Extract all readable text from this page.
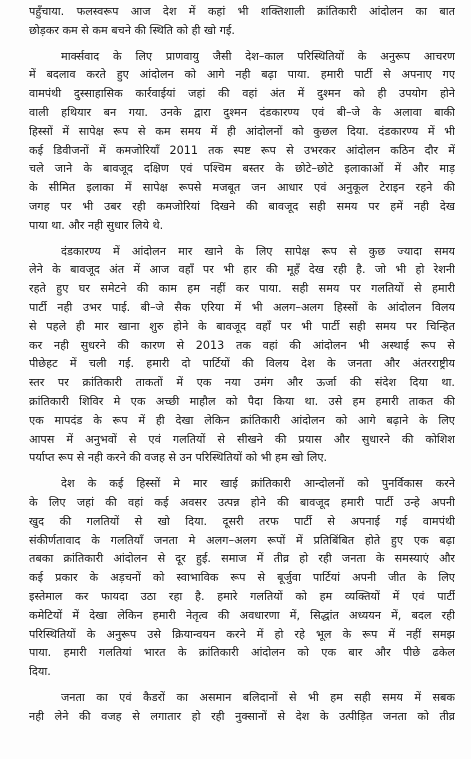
पहुँचाया. फलस्वरूप आज देश में कहां भी शक्तिशाली क्रांतिकारी आंदोलन का बात
छोड़कर कम से कम बचने की स्थिति को ही खो गई.
मार्क्सवाद के लिए प्राणवायु जैसी देश–काल परिस्थितियों के अनुरूप आचरण
में बदलाव करते हुए आंदोलन को आगे नही बढ़ा पाया. हमारी पार्टी से अपनाए गए
वामपंथी दुस्साहासिक कार्रवाईयां जहां की वहां अंत में दुश्मन को ही उपयोग होने
वाली हथियार बन गया. उनके द्वारा दुश्मन दंडकारण्य एवं बी–जे के अलावा बाकी
हिस्सों में सापेक्ष रूप से कम समय में ही आंदोलनों को कुछल दिया. दंडकारण्य में भी
कई डिवीजनों में कमजोरियाँ 2011 तक स्पष्ट रूप से उभरकर आंदोलन कठिन दौर में
चले जाने के बावजूद दक्षिण एवं पश्चिम बस्तर के छोटे–छोटे इलाकाओं में और माड़
के सीमित इलाका में सापेक्ष रूपसे मजबूत जन आधार एवं अनुकूल टेराइन रहने की
जगह पर भी उबर रही कमजोरियां दिखने की बावजूद सही समय पर हमें नही देख
पाया था. और नही सुधार लिये थे.
दंडकारण्य में आंदोलन मार खाने के लिए सापेक्ष रूप से कुछ ज्यादा समय
लेने के बावजूद अंत में आज वहाँ पर भी हार की मूहँ देख रही है. जो भी हो रेशनी
रहते हुए घर समेटने की काम हम नहीं कर पाया. सही समय पर गलतियों से हमारी
पार्टी नही उभर पाई. बी–जे सैक एरिया में भी अलग–अलग हिस्सों के आंदोलन विलय
से पहले ही मार खाना शुरु होने के बावजूद वहाँ पर भी पार्टी सही समय पर चिन्हित
कर नही सुधरने की कारण से 2013 तक वहां की आंदोलन भी अस्थाई रूप से
पीछेहट में चली गई. हमारी दो पार्टियों की विलय देश के जनता और अंतरराष्ट्रीय
स्तर पर क्रांतिकारी ताकतों में एक नया उमंग और ऊर्जा की संदेश दिया था.
क्रांतिकारी शिविर मे एक अच्छी माहौल को पैदा किया था. उसे हम हमारी ताकत की
एक मापदंड के रूप में ही देखा लेकिन क्रांतिकारी आंदोलन को आगे बढ़ाने के लिए
आपस में अनुभवों से एवं गलतियों से सीखने की प्रयास और सुधारने की कोशिश
पर्याप्त रूप से नही करने की वजह से उन परिस्थितियों को भी हम खो लिए.
देश के कई हिस्सों मे मार खाई क्रांतिकारी आन्दोलनों को पुनर्विकास करने
के लिए जहां की वहां कई अवसर उत्पन्न होने की बावजूद हमारी पार्टी उन्हे अपनी
खुद की गलतियों से खो दिया. दूसरी तरफ पार्टी से अपनाई गई वामपंथी
संकीर्णतावाद के गलतियाँ जनता मे अलग–अलग रूपों में प्रतिबिंबित होते हुए एक बढ़ा
तबका क्रांतिकारी आंदोलन से दूर हुई. समाज में तीव्र हो रही जनता के समस्याएं और
कई प्रकार के अड़चनों को स्वाभाविक रूप से बूर्जुवा पार्टियां अपनी जीत के लिए
इस्तेमाल कर फायदा उठा रहा है. हमारे गलतियों को हम व्यक्तियों में एवं पार्टी
कमेटियों में देखा लेकिन हमारी नेतृत्व की अवधारणा में, सिद्धांत अध्ययन में, बदल रही
परिस्थितियों के अनुरूप उसे क्रियान्वयन करने में हो रहे भूल के रूप में नहीं समझ
पाया. हमारी गलतियां भारत के क्रांतिकारी आंदोलन को एक बार और पीछे ढकेल
दिया.
जनता का एवं कैडरों का असमान बलिदानों से भी हम सही समय में सबक
नही लेने की वजह से लगातार हो रही नुक्सानों से देश के उत्पीड़ित जनता को तीव्र
